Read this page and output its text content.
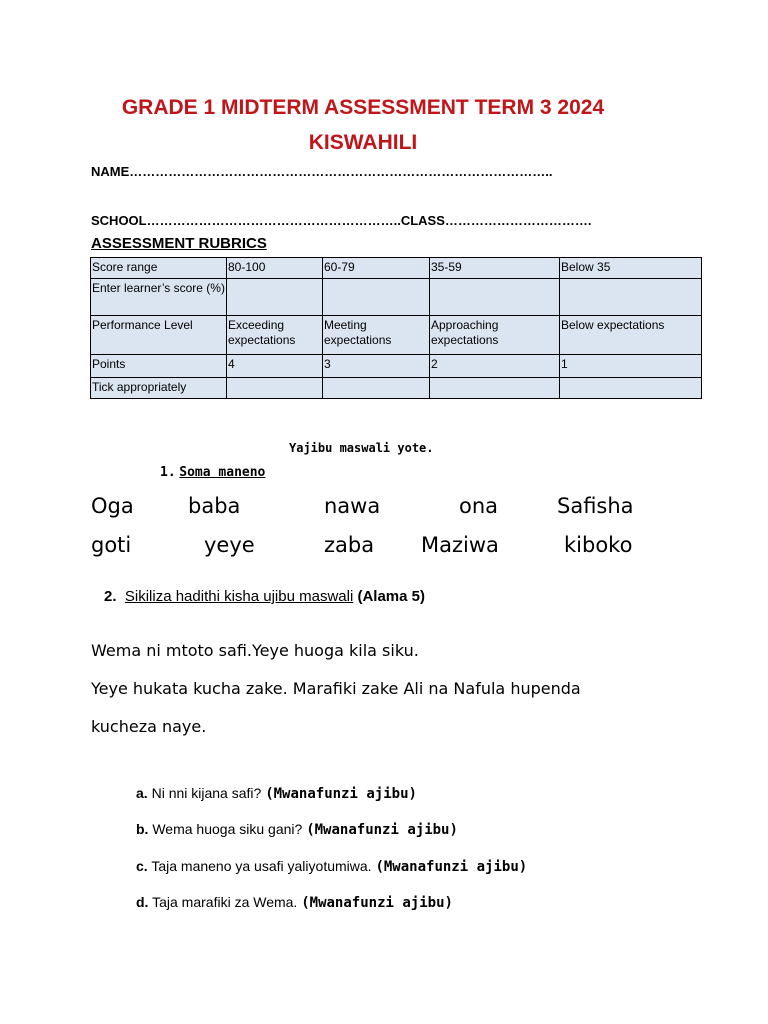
GRADE 1 MIDTERM ASSESSMENT TERM 3 2024
KISWAHILI
NAME……………………………………………………………………………………..
SCHOOL…………………………………………………..CLASS…………………………….
ASSESSMENT RUBRICS
Score range	80-100	60-79	35-59	Below 35
Enter learner’s score (%)				
Performance Level	Exceeding expectations	Meeting expectations	Approaching expectations	Below expectations
Points	4	3	2	1
Tick appropriately				
Yajibu maswali yote.
1. Soma maneno
Oga	baba	nawa	ona	Safisha
goti	yeye	zaba Maziwa	kiboko
2. Sikiliza hadithi kisha ujibu maswali (Alama 5)
Wema ni mtoto safi.Yeye huoga kila siku.
Yeye hukata kucha zake. Marafiki zake Ali na Nafula hupenda
kucheza naye.
a. Ni nni kijana safi? (Mwanafunzi ajibu)
b. Wema huoga siku gani? (Mwanafunzi ajibu)
c. Taja maneno ya usafi yaliyotumiwa. (Mwanafunzi ajibu)
d. Taja marafiki za Wema. (Mwanafunzi ajibu)
